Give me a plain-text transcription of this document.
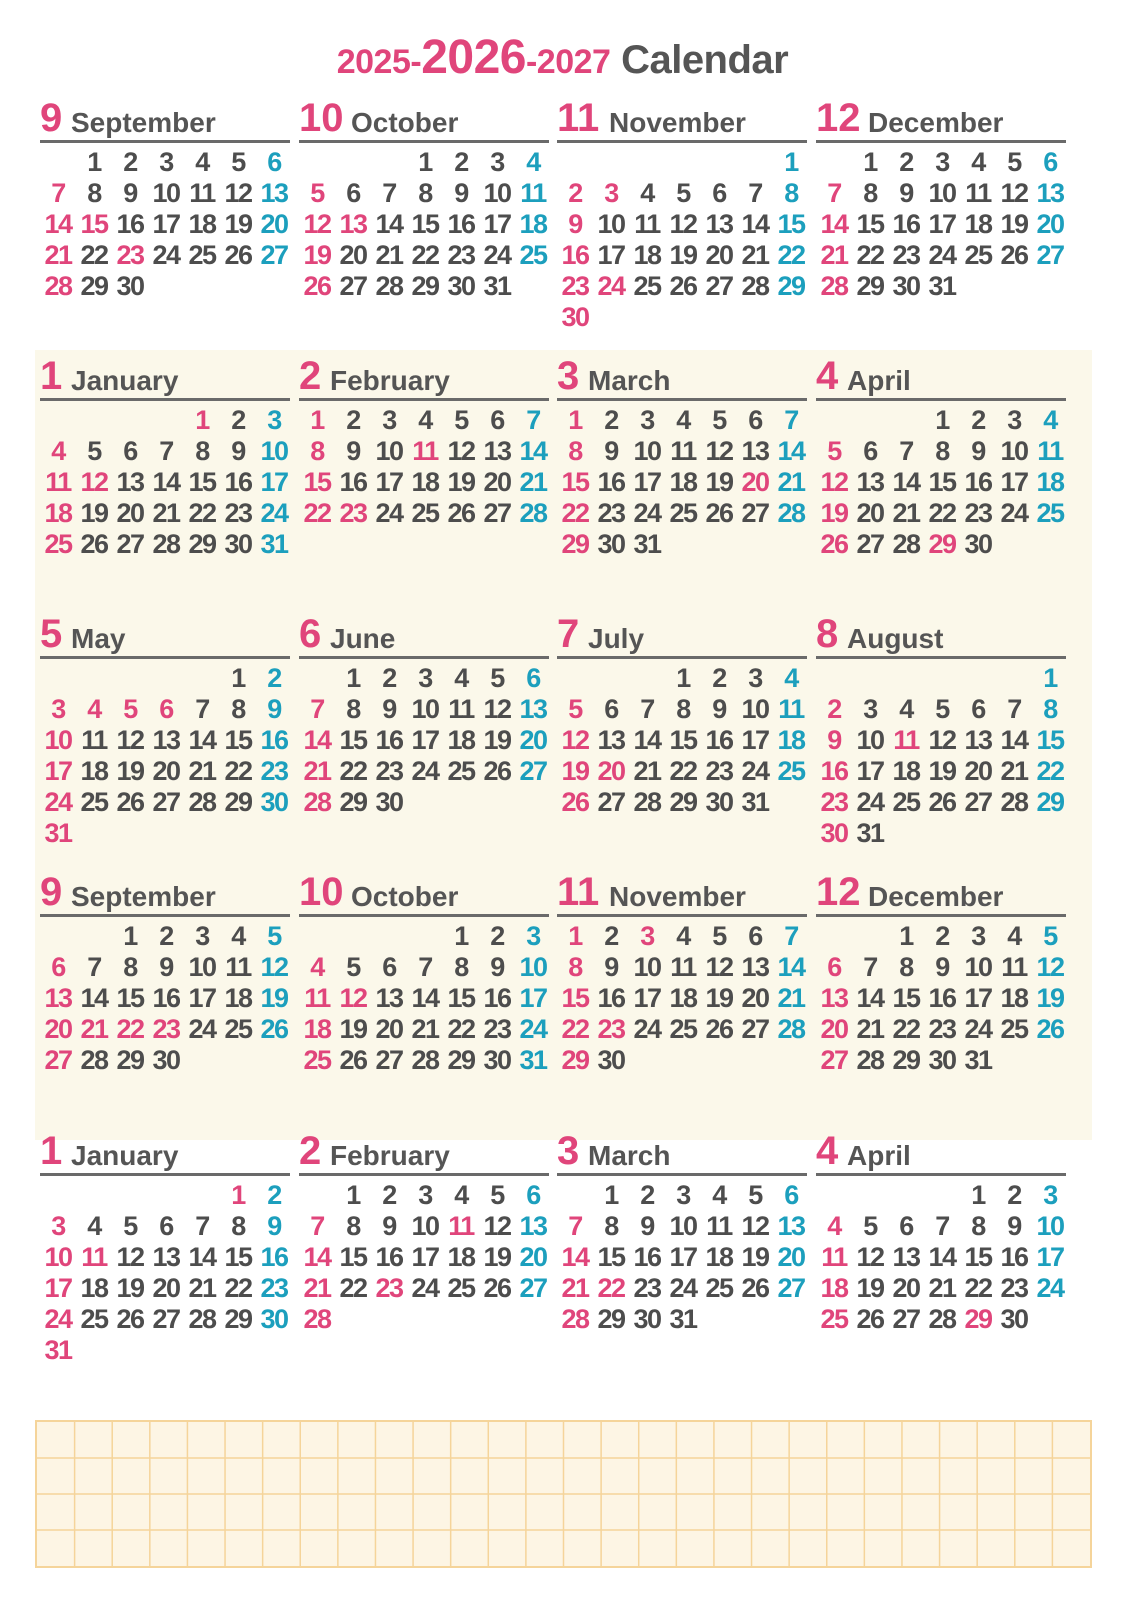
2025-2026-2027 Calendar
9 September
1 2 3 4 5 6
7 8 9 10 11 12 13
14 15 16 17 18 19 20
21 22 23 24 25 26 27
28 29 30
10 October
1 2 3 4
5 6 7 8 9 10 11
12 13 14 15 16 17 18
19 20 21 22 23 24 25
26 27 28 29 30 31
11 November
1
2 3 4 5 6 7 8
9 10 11 12 13 14 15
16 17 18 19 20 21 22
23 24 25 26 27 28 29
30
12 December
1 2 3 4 5 6
7 8 9 10 11 12 13
14 15 16 17 18 19 20
21 22 23 24 25 26 27
28 29 30 31
1 January
1 2 3
4 5 6 7 8 9 10
11 12 13 14 15 16 17
18 19 20 21 22 23 24
25 26 27 28 29 30 31
2 February
1 2 3 4 5 6 7
8 9 10 11 12 13 14
15 16 17 18 19 20 21
22 23 24 25 26 27 28
3 March
1 2 3 4 5 6 7
8 9 10 11 12 13 14
15 16 17 18 19 20 21
22 23 24 25 26 27 28
29 30 31
4 April
1 2 3 4
5 6 7 8 9 10 11
12 13 14 15 16 17 18
19 20 21 22 23 24 25
26 27 28 29 30
5 May
1 2
3 4 5 6 7 8 9
10 11 12 13 14 15 16
17 18 19 20 21 22 23
24 25 26 27 28 29 30
31
6 June
1 2 3 4 5 6
7 8 9 10 11 12 13
14 15 16 17 18 19 20
21 22 23 24 25 26 27
28 29 30
7 July
1 2 3 4
5 6 7 8 9 10 11
12 13 14 15 16 17 18
19 20 21 22 23 24 25
26 27 28 29 30 31
8 August
1
2 3 4 5 6 7 8
9 10 11 12 13 14 15
16 17 18 19 20 21 22
23 24 25 26 27 28 29
30 31
9 September
1 2 3 4 5
6 7 8 9 10 11 12
13 14 15 16 17 18 19
20 21 22 23 24 25 26
27 28 29 30
10 October
1 2 3
4 5 6 7 8 9 10
11 12 13 14 15 16 17
18 19 20 21 22 23 24
25 26 27 28 29 30 31
11 November
1 2 3 4 5 6 7
8 9 10 11 12 13 14
15 16 17 18 19 20 21
22 23 24 25 26 27 28
29 30
12 December
1 2 3 4 5
6 7 8 9 10 11 12
13 14 15 16 17 18 19
20 21 22 23 24 25 26
27 28 29 30 31
1 January
1 2
3 4 5 6 7 8 9
10 11 12 13 14 15 16
17 18 19 20 21 22 23
24 25 26 27 28 29 30
31
2 February
1 2 3 4 5 6
7 8 9 10 11 12 13
14 15 16 17 18 19 20
21 22 23 24 25 26 27
28
3 March
1 2 3 4 5 6
7 8 9 10 11 12 13
14 15 16 17 18 19 20
21 22 23 24 25 26 27
28 29 30 31
4 April
1 2 3
4 5 6 7 8 9 10
11 12 13 14 15 16 17
18 19 20 21 22 23 24
25 26 27 28 29 30
